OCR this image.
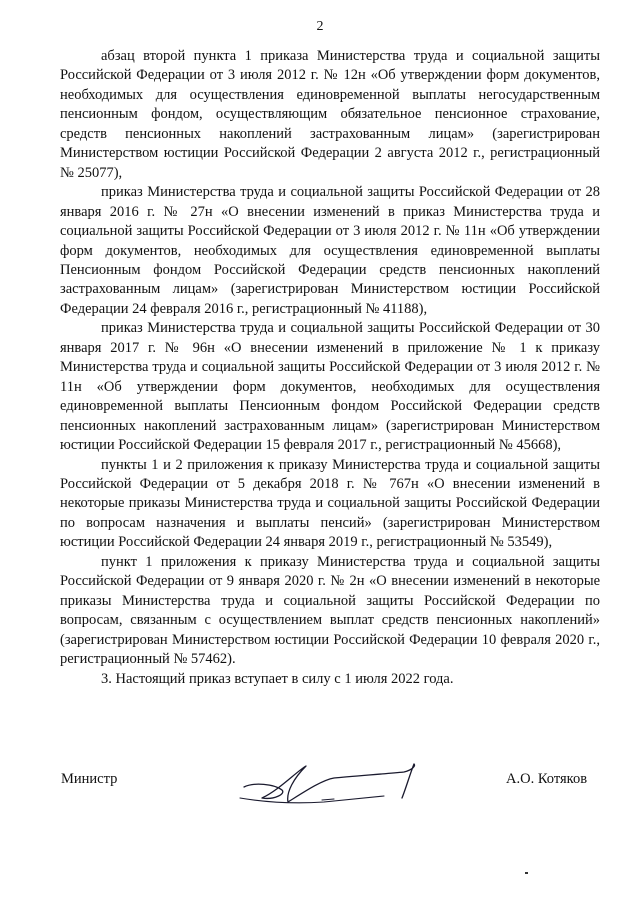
2

абзац второй пункта 1 приказа Министерства труда и социальной защиты Российской Федерации от 3 июля 2012 г. № 12н «Об утверждении форм документов, необходимых для осуществления единовременной выплаты негосударственным пенсионным фондом, осуществляющим обязательное пенсионное страхование, средств пенсионных накоплений застрахованным лицам» (зарегистрирован Министерством юстиции Российской Федерации 2 августа 2012 г., регистрационный № 25077),

приказ Министерства труда и социальной защиты Российской Федерации от 28 января 2016 г. № 27н «О внесении изменений в приказ Министерства труда и социальной защиты Российской Федерации от 3 июля 2012 г. № 11н «Об утверждении форм документов, необходимых для осуществления единовременной выплаты Пенсионным фондом Российской Федерации средств пенсионных накоплений застрахованным лицам» (зарегистрирован Министерством юстиции Российской Федерации 24 февраля 2016 г., регистрационный № 41188),

приказ Министерства труда и социальной защиты Российской Федерации от 30 января 2017 г. № 96н «О внесении изменений в приложение № 1 к приказу Министерства труда и социальной защиты Российской Федерации от 3 июля 2012 г. № 11н «Об утверждении форм документов, необходимых для осуществления единовременной выплаты Пенсионным фондом Российской Федерации средств пенсионных накоплений застрахованным лицам» (зарегистрирован Министерством юстиции Российской Федерации 15 февраля 2017 г., регистрационный № 45668),

пункты 1 и 2 приложения к приказу Министерства труда и социальной защиты Российской Федерации от 5 декабря 2018 г. № 767н «О внесении изменений в некоторые приказы Министерства труда и социальной защиты Российской Федерации по вопросам назначения и выплаты пенсий» (зарегистрирован Министерством юстиции Российской Федерации 24 января 2019 г., регистрационный № 53549),

пункт 1 приложения к приказу Министерства труда и социальной защиты Российской Федерации от 9 января 2020 г. № 2н «О внесении изменений в некоторые приказы Министерства труда и социальной защиты Российской Федерации по вопросам, связанным с осуществлением выплат средств пенсионных накоплений» (зарегистрирован Министерством юстиции Российской Федерации 10 февраля 2020 г., регистрационный № 57462).

3. Настоящий приказ вступает в силу с 1 июля 2022 года.

Министр	А.О. Котяков
